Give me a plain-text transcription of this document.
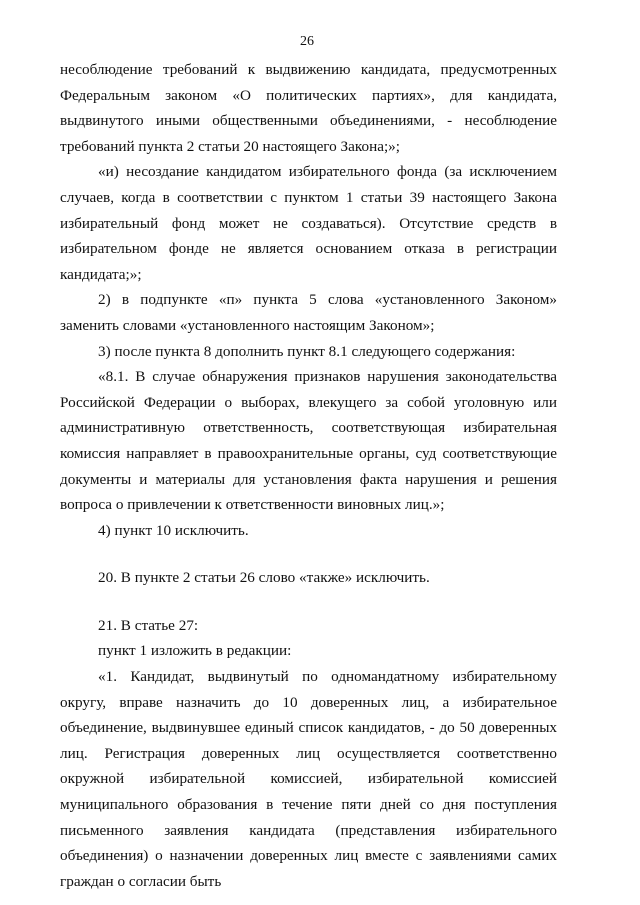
26

несоблюдение требований к выдвижению кандидата, предусмотренных Федеральным законом «О политических партиях», для кандидата, выдвинутого иными общественными объединениями, - несоблюдение требований пункта 2 статьи 20 настоящего Закона;»;

«и) несоздание кандидатом избирательного фонда (за исключением случаев, когда в соответствии с пунктом 1 статьи 39 настоящего Закона избирательный фонд может не создаваться). Отсутствие средств в избирательном фонде не является основанием отказа в регистрации кандидата;»;

2) в подпункте «п» пункта 5 слова «установленного Законом» заменить словами «установленного настоящим Законом»;

3) после пункта 8 дополнить пункт 8.1 следующего содержания:

«8.1. В случае обнаружения признаков нарушения законодательства Российской Федерации о выборах, влекущего за собой уголовную или административную ответственность, соответствующая избирательная комиссия направляет в правоохранительные органы, суд соответствующие документы и материалы для установления факта нарушения и решения вопроса о привлечении к ответственности виновных лиц.»;

4) пункт 10 исключить.

20. В пункте 2 статьи 26 слово «также» исключить.

21. В статье 27:

пункт 1 изложить в редакции:

«1. Кандидат, выдвинутый по одномандатному избирательному округу, вправе назначить до 10 доверенных лиц, а избирательное объединение, выдвинувшее единый список кандидатов, - до 50 доверенных лиц. Регистрация доверенных лиц осуществляется соответственно окружной избирательной комиссией, избирательной комиссией муниципального образования в течение пяти дней со дня поступления письменного заявления кандидата (представления избирательного объединения) о назначении доверенных лиц вместе с заявлениями самих граждан о согласии быть
